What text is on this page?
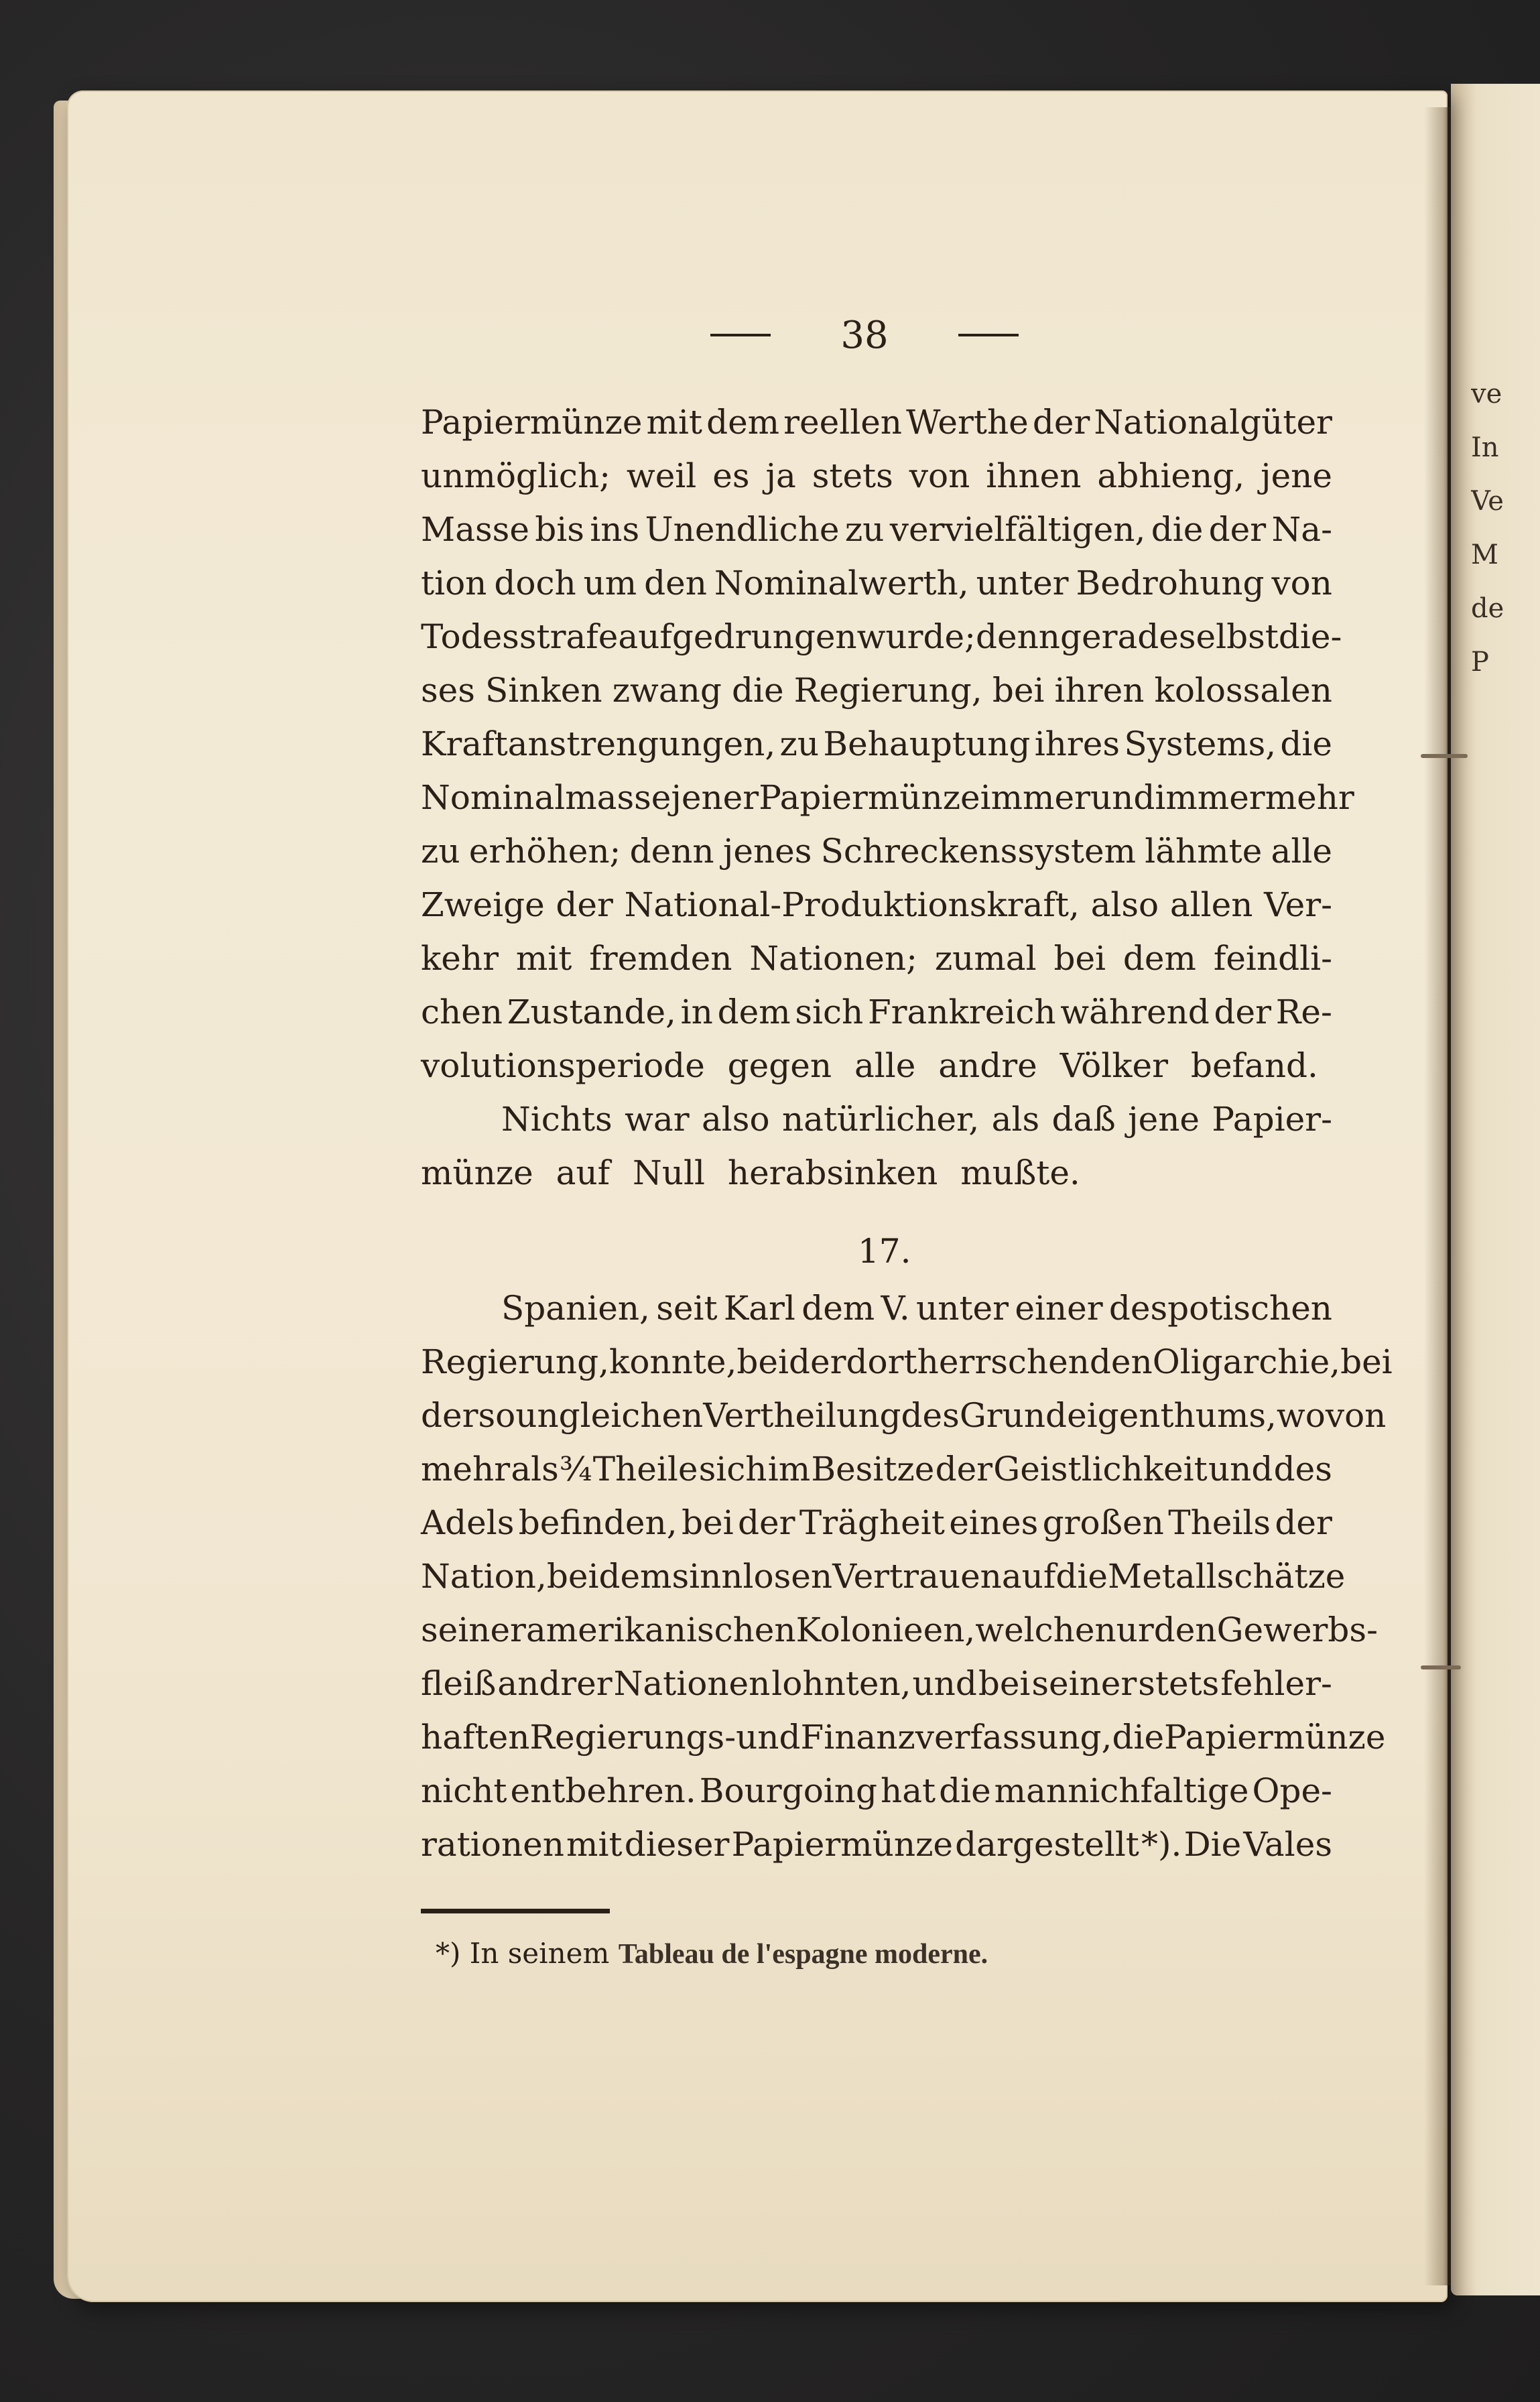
ve
In
Ve
M
de
P
38
Papiermünze mit dem reellen Werthe der Nationalgüter
unmöglich; weil es ja stets von ihnen abhieng, jene
Masse bis ins Unendliche zu vervielfältigen, die der Na-
tion doch um den Nominalwerth, unter Bedrohung von
Todesstrafe aufgedrungen wurde; denn gerade selbst die-
ses Sinken zwang die Regierung, bei ihren kolossalen
Kraftanstrengungen, zu Behauptung ihres Systems, die
Nominalmasse jener Papiermünze immer und immer mehr
zu erhöhen; denn jenes Schreckenssystem lähmte alle
Zweige der National-Produktionskraft, also allen Ver-
kehr mit fremden Nationen; zumal bei dem feindli-
chen Zustande, in dem sich Frankreich während der Re-
volutionsperiode gegen alle andre Völker befand.
Nichts war also natürlicher, als daß jene Papier-
münze auf Null herabsinken mußte.
17.
Spanien, seit Karl dem V. unter einer despotischen
Regierung, konnte, bei der dort herrschenden Oligarchie, bei
der so ungleichen Vertheilung des Grundeigenthums, wovon
mehr als ¾ Theile sich im Besitze der Geistlichkeit und des
Adels befinden, bei der Trägheit eines großen Theils der
Nation, bei dem sinnlosen Vertrauen auf die Metallschätze
seiner amerikanischen Kolonieen, welche nur den Gewerbs-
fleiß andrer Nationen lohnten, und bei seiner stets fehler-
haften Regierungs- und Finanzverfassung, die Papiermünze
nicht entbehren. Bourgoing hat die mannichfaltige Ope-
rationen mit dieser Papiermünze dargestellt *). Die Vales
*) In seinem Tableau de l'espagne moderne.
